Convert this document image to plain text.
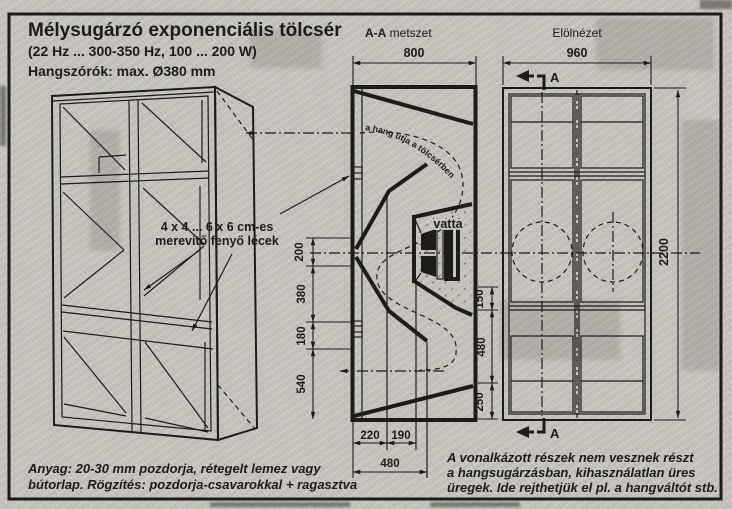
Mélysugárzó exponenciális tölcsér
(22 Hz ... 300-350 Hz, 100 ... 200 W)
Hangszórók: max. Ø380 mm
4 x 4 ... 6 x 6 cm-es
merevítő fenyő lécek
a hang útja a tölcsérben
vatta
800
200
380
180
540
150
480
250
220 190
480
A-A metszet	Elölnézet
A
A
960
2200
Anyag: 20-30 mm pozdorja, rétegelt lemez vagy
bútorlap. Rögzítés: pozdorja-csavarokkal + ragasztva
A vonalkázott részek nem vesznek részt
a hangsugárzásban, kihasználatlan üres
üregek. Ide rejthetjük el pl. a hangváltót stb.
